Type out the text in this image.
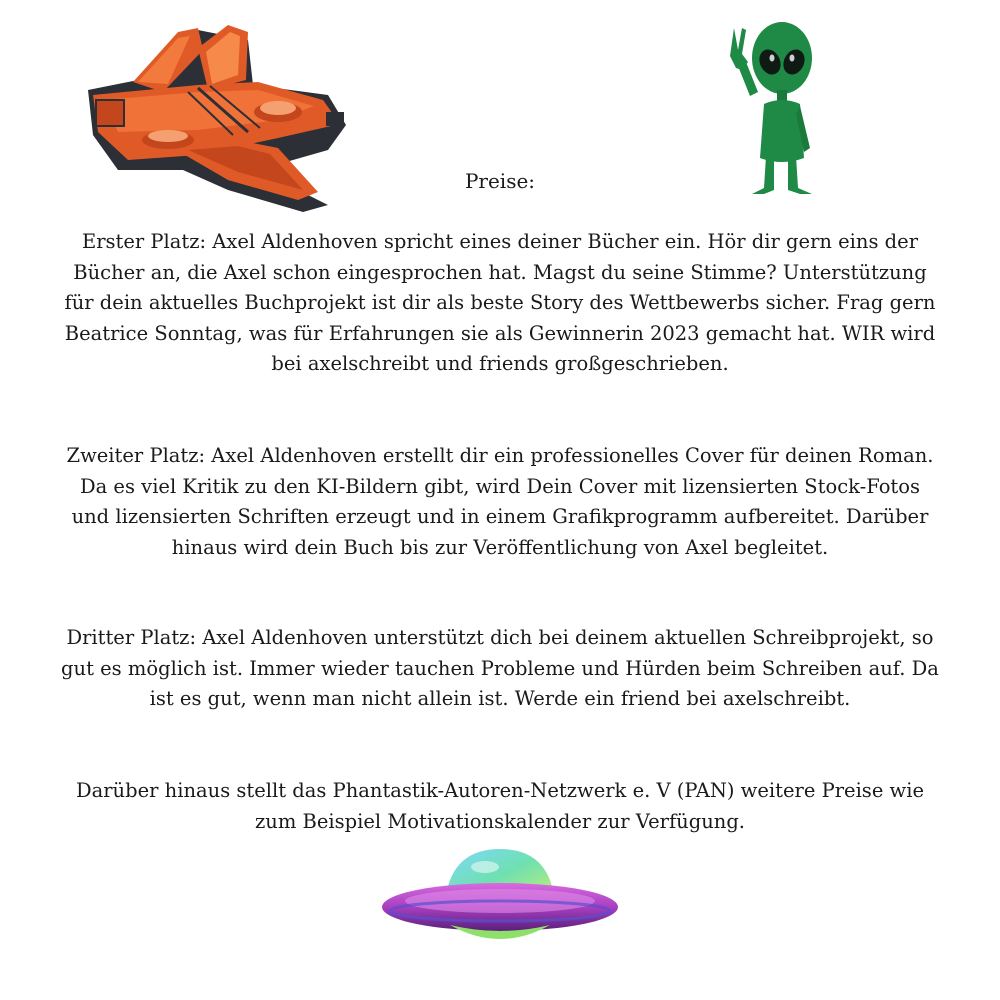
Preise:

Erster Platz: Axel Aldenhoven spricht eines deiner Bücher ein. Hör dir gern eins der Bücher an, die Axel schon eingesprochen hat. Magst du seine Stimme? Unterstützung für dein aktuelles Buchprojekt ist dir als beste Story des Wettbewerbs sicher. Frag gern Beatrice Sonntag, was für Erfahrungen sie als Gewinnerin 2023 gemacht hat. WIR wird bei axelschreibt und friends großgeschrieben.

Zweiter Platz: Axel Aldenhoven erstellt dir ein professionelles Cover für deinen Roman. Da es viel Kritik zu den KI-Bildern gibt, wird Dein Cover mit lizensierten Stock-Fotos und lizensierten Schriften erzeugt und in einem Grafikprogramm aufbereitet. Darüber hinaus wird dein Buch bis zur Veröffentlichung von Axel begleitet.

Dritter Platz: Axel Aldenhoven unterstützt dich bei deinem aktuellen Schreibprojekt, so gut es möglich ist. Immer wieder tauchen Probleme und Hürden beim Schreiben auf. Da ist es gut, wenn man nicht allein ist. Werde ein friend bei axelschreibt.

Darüber hinaus stellt das Phantastik-Autoren-Netzwerk e. V (PAN) weitere Preise wie zum Beispiel Motivationskalender zur Verfügung.
